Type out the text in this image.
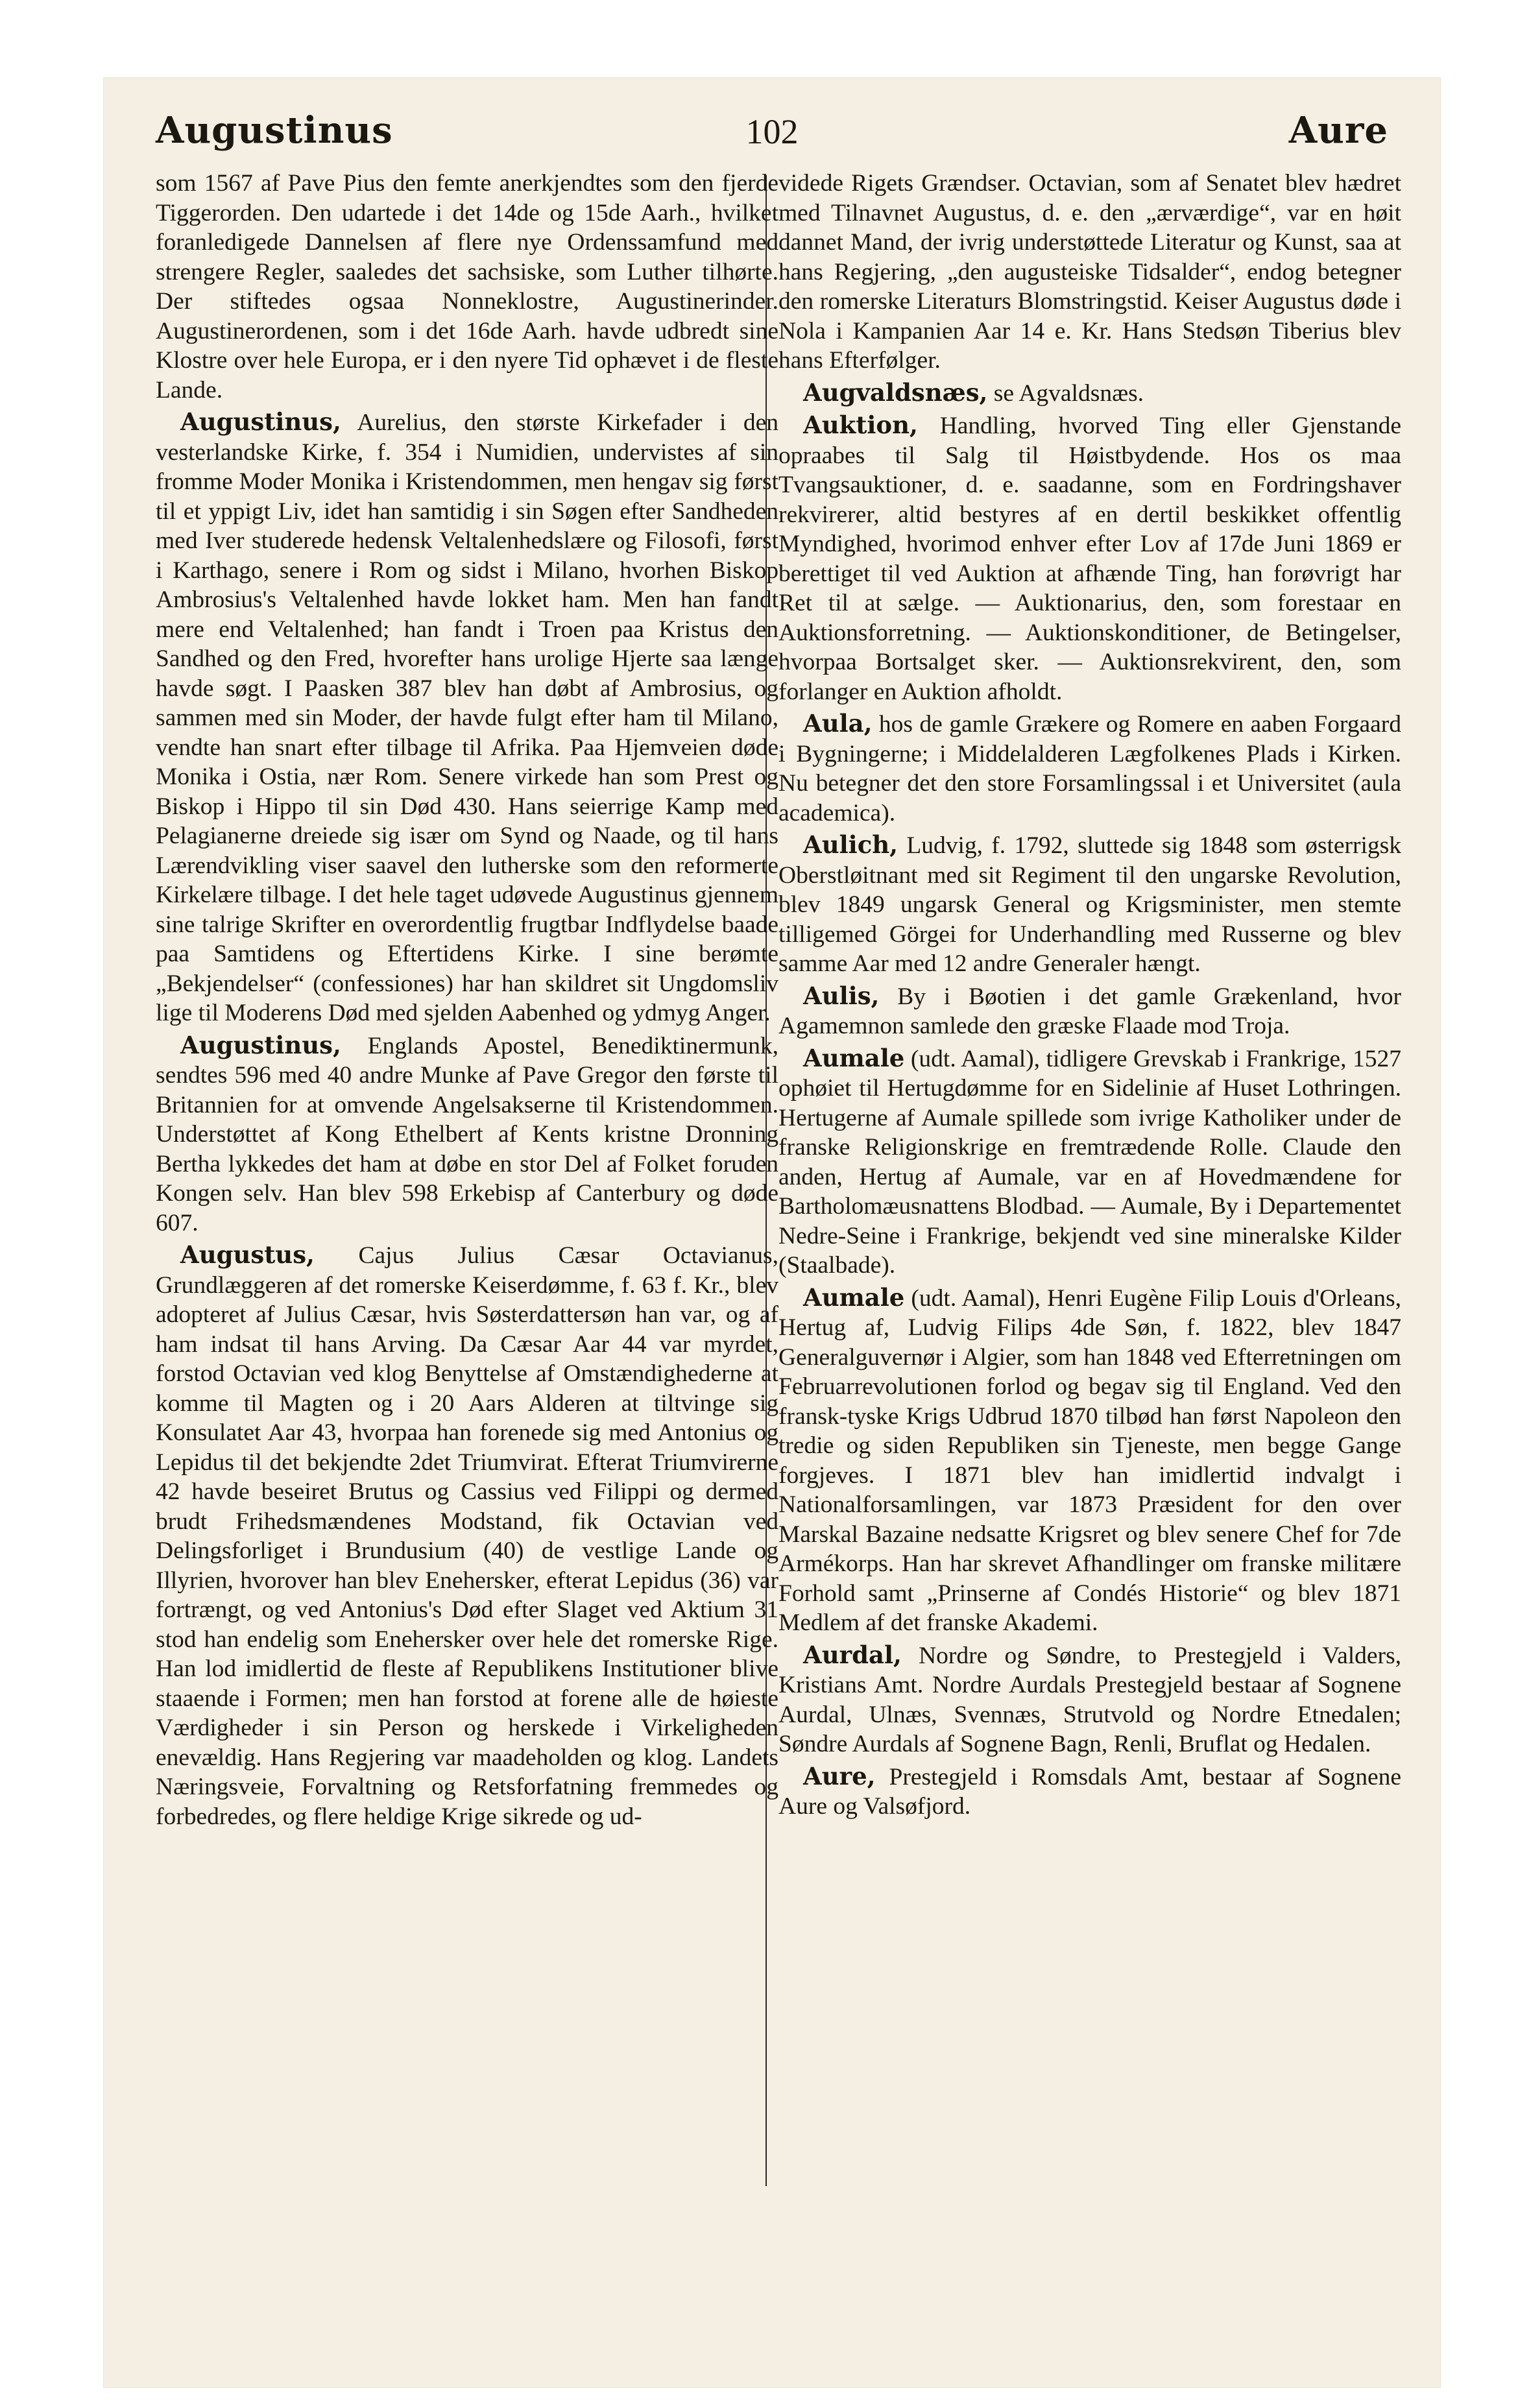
Augustinus	102	Aure

som 1567 af Pave Pius den femte anerkjendtes som den fjerde Tiggerorden. Den udartede i det 14de og 15de Aarh., hvilket foranledigede Dannelsen af flere nye Ordenssamfund med strengere Regler, saaledes det sachsiske, som Luther tilhørte. Der stiftedes ogsaa Nonneklostre, Augustinerinder. Augustinerordenen, som i det 16de Aarh. havde udbredt sine Klostre over hele Europa, er i den nyere Tid ophævet i de fleste Lande.

Augustinus, Aurelius, den største Kirkefader i den vesterlandske Kirke, f. 354 i Numidien, undervistes af sin fromme Moder Monika i Kristendommen, men hengav sig først til et yppigt Liv, idet han samtidig i sin Søgen efter Sandheden med Iver studerede hedensk Veltalenhedslære og Filosofi, først i Karthago, senere i Rom og sidst i Milano, hvorhen Biskop Ambrosius's Veltalenhed havde lokket ham. Men han fandt mere end Veltalenhed; han fandt i Troen paa Kristus den Sandhed og den Fred, hvorefter hans urolige Hjerte saa længe havde søgt. I Paasken 387 blev han døbt af Ambrosius, og sammen med sin Moder, der havde fulgt efter ham til Milano, vendte han snart efter tilbage til Afrika. Paa Hjemveien døde Monika i Ostia, nær Rom. Senere virkede han som Prest og Biskop i Hippo til sin Død 430. Hans seierrige Kamp med Pelagianerne dreiede sig især om Synd og Naade, og til hans Lærendvikling viser saavel den lutherske som den reformerte Kirkelære tilbage. I det hele taget udøvede Augustinus gjennem sine talrige Skrifter en overordentlig frugtbar Indflydelse baade paa Samtidens og Eftertidens Kirke. I sine berømte „Bekjendelser“ (confessiones) har han skildret sit Ungdomsliv lige til Moderens Død med sjelden Aabenhed og ydmyg Anger.

Augustinus, Englands Apostel, Benediktinermunk, sendtes 596 med 40 andre Munke af Pave Gregor den første til Britannien for at omvende Angelsakserne til Kristendommen. Understøttet af Kong Ethelbert af Kents kristne Dronning Bertha lykkedes det ham at døbe en stor Del af Folket foruden Kongen selv. Han blev 598 Erkebisp af Canterbury og døde 607.

Augustus, Cajus Julius Cæsar Octavianus, Grundlæggeren af det romerske Keiserdømme, f. 63 f. Kr., blev adopteret af Julius Cæsar, hvis Søsterdattersøn han var, og af ham indsat til hans Arving. Da Cæsar Aar 44 var myrdet, forstod Octavian ved klog Benyttelse af Omstændighederne at komme til Magten og i 20 Aars Alderen at tiltvinge sig Konsulatet Aar 43, hvorpaa han forenede sig med Antonius og Lepidus til det bekjendte 2det Triumvirat. Efterat Triumvirerne 42 havde beseiret Brutus og Cassius ved Filippi og dermed brudt Frihedsmændenes Modstand, fik Octavian ved Delingsforliget i Brundusium (40) de vestlige Lande og Illyrien, hvorover han blev Enehersker, efterat Lepidus (36) var fortrængt, og ved Antonius's Død efter Slaget ved Aktium 31 stod han endelig som Enehersker over hele det romerske Rige. Han lod imidlertid de fleste af Republikens Institutioner blive staaende i Formen; men han forstod at forene alle de høieste Værdigheder i sin Person og herskede i Virkeligheden enevældig. Hans Regjering var maadeholden og klog. Landets Næringsveie, Forvaltning og Retsforfatning fremmedes og forbedredes, og flere heldige Krige sikrede og ud-

videde Rigets Grændser. Octavian, som af Senatet blev hædret med Tilnavnet Augustus, d. e. den „ærværdige“, var en høit dannet Mand, der ivrig understøttede Literatur og Kunst, saa at hans Regjering, „den augusteiske Tidsalder“, endog betegner den romerske Literaturs Blomstringstid. Keiser Augustus døde i Nola i Kampanien Aar 14 e. Kr. Hans Stedsøn Tiberius blev hans Efterfølger.

Augvaldsnæs, se Agvaldsnæs.

Auktion, Handling, hvorved Ting eller Gjenstande opraabes til Salg til Høistbydende. Hos os maa Tvangsauktioner, d. e. saadanne, som en Fordringshaver rekvirerer, altid bestyres af en dertil beskikket offentlig Myndighed, hvorimod enhver efter Lov af 17de Juni 1869 er berettiget til ved Auktion at afhænde Ting, han forøvrigt har Ret til at sælge. — Auktionarius, den, som forestaar en Auktionsforretning. — Auktionskonditioner, de Betingelser, hvorpaa Bortsalget sker. — Auktionsrekvirent, den, som forlanger en Auktion afholdt.

Aula, hos de gamle Grækere og Romere en aaben Forgaard i Bygningerne; i Middelalderen Lægfolkenes Plads i Kirken. Nu betegner det den store Forsamlingssal i et Universitet (aula academica).

Aulich, Ludvig, f. 1792, sluttede sig 1848 som østerrigsk Oberstløitnant med sit Regiment til den ungarske Revolution, blev 1849 ungarsk General og Krigsminister, men stemte tilligemed Görgei for Underhandling med Russerne og blev samme Aar med 12 andre Generaler hængt.

Aulis, By i Bøotien i det gamle Grækenland, hvor Agamemnon samlede den græske Flaade mod Troja.

Aumale (udt. Aamal), tidligere Grevskab i Frankrige, 1527 ophøiet til Hertugdømme for en Sidelinie af Huset Lothringen. Hertugerne af Aumale spillede som ivrige Katholiker under de franske Religionskrige en fremtrædende Rolle. Claude den anden, Hertug af Aumale, var en af Hovedmændene for Bartholomæusnattens Blodbad. — Aumale, By i Departementet Nedre-Seine i Frankrige, bekjendt ved sine mineralske Kilder (Staalbade).

Aumale (udt. Aamal), Henri Eugène Filip Louis d'Orleans, Hertug af, Ludvig Filips 4de Søn, f. 1822, blev 1847 Generalguvernør i Algier, som han 1848 ved Efterretningen om Februarrevolutionen forlod og begav sig til England. Ved den fransk-tyske Krigs Udbrud 1870 tilbød han først Napoleon den tredie og siden Republiken sin Tjeneste, men begge Gange forgjeves. I 1871 blev han imidlertid indvalgt i Nationalforsamlingen, var 1873 Præsident for den over Marskal Bazaine nedsatte Krigsret og blev senere Chef for 7de Armékorps. Han har skrevet Afhandlinger om franske militære Forhold samt „Prinserne af Condés Historie“ og blev 1871 Medlem af det franske Akademi.

Aurdal, Nordre og Søndre, to Prestegjeld i Valders, Kristians Amt. Nordre Aurdals Prestegjeld bestaar af Sognene Aurdal, Ulnæs, Svennæs, Strutvold og Nordre Etnedalen; Søndre Aurdals af Sognene Bagn, Renli, Bruflat og Hedalen.

Aure, Prestegjeld i Romsdals Amt, bestaar af Sognene Aure og Valsøfjord.
